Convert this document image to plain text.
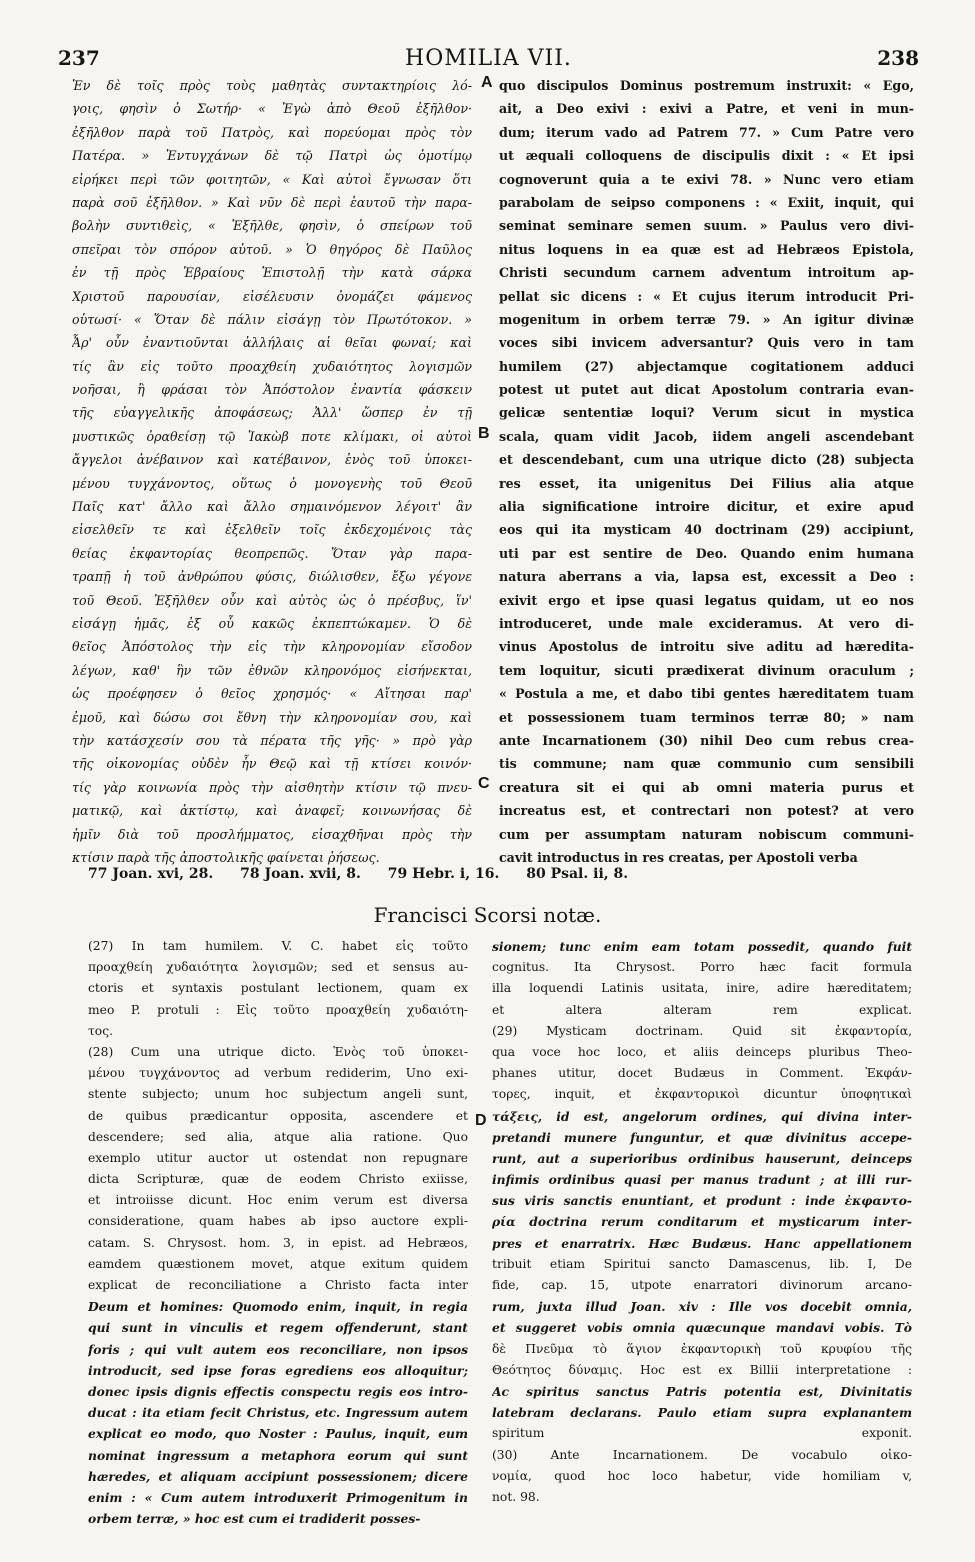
237	HOMILIA VII.	238
Ἐν δὲ τοῖς πρὸς τοὺς μαθητὰς συντακτηρίοις λό-
γοις, φησὶν ὁ Σωτήρ· « Ἐγὼ ἀπὸ Θεοῦ ἐξῆλθον·
ἐξῆλθον παρὰ τοῦ Πατρὸς, καὶ πορεύομαι πρὸς τὸν
Πατέρα. » Ἐντυγχάνων δὲ τῷ Πατρὶ ὡς ὁμοτίμῳ
εἰρήκει περὶ τῶν φοιτητῶν, « Καὶ αὐτοὶ ἔγνωσαν ὅτι
παρὰ σοῦ ἐξῆλθον. » Καὶ νῦν δὲ περὶ ἑαυτοῦ τὴν παρα-
βολὴν συντιθεὶς, « Ἐξῆλθε, φησὶν, ὁ σπείρων τοῦ
σπεῖραι τὸν σπόρον αὐτοῦ. » Ὁ θηγόρος δὲ Παῦλος
ἐν τῇ πρὸς Ἑβραίους Ἐπιστολῇ τὴν κατὰ σάρκα
Χριστοῦ παρουσίαν, εἰσέλευσιν ὀνομάζει φάμενος
οὑτωσί· « Ὅταν δὲ πάλιν εἰσάγῃ τὸν Πρωτότοκον. »
Ἆρ' οὖν ἐναντιοῦνται ἀλλήλαις αἱ θεῖαι φωναί; καὶ
τίς ἂν εἰς τοῦτο προαχθείη χυδαιότητος λογισμῶν
νοῆσαι, ἢ φράσαι τὸν Ἀπόστολον ἐναντία φάσκειν
τῆς εὐαγγελικῆς ἀποφάσεως; Ἀλλ' ὥσπερ ἐν τῇ
μυστικῶς ὁραθείσῃ τῷ Ἰακὼβ ποτε κλίμακι, οἱ αὐτοὶ
ἄγγελοι ἀνέβαινον καὶ κατέβαινον, ἑνὸς τοῦ ὑποκει-
μένου τυγχάνοντος, οὕτως ὁ μονογενὴς τοῦ Θεοῦ
Παῖς κατ' ἄλλο καὶ ἄλλο σημαινόμενον λέγοιτ' ἂν
εἰσελθεῖν τε καὶ ἐξελθεῖν τοῖς ἐκδεχομένοις τὰς
θείας ἐκφαντορίας θεοπρεπῶς. Ὅταν γὰρ παρα-
τραπῇ ἡ τοῦ ἀνθρώπου φύσις, διώλισθεν, ἔξω γέγονε
τοῦ Θεοῦ. Ἐξῆλθεν οὖν καὶ αὐτὸς ὡς ὁ πρέσβυς, ἵν'
εἰσάγῃ ἡμᾶς, ἐξ οὗ κακῶς ἐκπεπτώκαμεν. Ὁ δὲ
θεῖος Ἀπόστολος τὴν εἰς τὴν κληρονομίαν εἴσοδον
λέγων, καθ' ἣν τῶν ἐθνῶν κληρονόμος εἰσήνεκται,
ὡς προέφησεν ὁ θεῖος χρησμός· « Αἴτησαι παρ'
ἐμοῦ, καὶ δώσω σοι ἔθνη τὴν κληρονομίαν σου, καὶ
τὴν κατάσχεσίν σου τὰ πέρατα τῆς γῆς· » πρὸ γὰρ
τῆς οἰκονομίας οὐδὲν ἦν Θεῷ καὶ τῇ κτίσει κοινόν·
τίς γὰρ κοινωνία πρὸς τὴν αἰσθητὴν κτίσιν τῷ πνευ-
ματικῷ, καὶ ἀκτίστῳ, καὶ ἀναφεῖ; κοινωνήσας δὲ
ἡμῖν διὰ τοῦ προσλήμματος, εἰσαχθῆναι πρὸς τὴν
κτίσιν παρὰ τῆς ἀποστολικῆς φαίνεται ῥήσεως.
quo discipulos Dominus postremum instruxit: « Ego,
ait, a Deo exivi : exivi a Patre, et veni in mun-
dum; iterum vado ad Patrem 77. » Cum Patre vero
ut æquali colloquens de discipulis dixit : « Et ipsi
cognoverunt quia a te exivi 78. » Nunc vero etiam
parabolam de seipso componens : « Exiit, inquit, qui
seminat seminare semen suum. » Paulus vero divi-
nitus loquens in ea quæ est ad Hebræos Epistola,
Christi secundum carnem adventum introitum ap-
pellat sic dicens : « Et cujus iterum introducit Pri-
mogenitum in orbem terræ 79. » An igitur divinæ
voces sibi invicem adversantur? Quis vero in tam
humilem (27) abjectamque cogitationem adduci
potest ut putet aut dicat Apostolum contraria evan-
gelicæ sententiæ loqui? Verum sicut in mystica
scala, quam vidit Jacob, iidem angeli ascendebant
et descendebant, cum una utrique dicto (28) subjecta
res esset, ita unigenitus Dei Filius alia atque
alia significatione introire dicitur, et exire apud
eos qui ita mysticam 40 doctrinam (29) accipiunt,
uti par est sentire de Deo. Quando enim humana
natura aberrans a via, lapsa est, excessit a Deo :
exivit ergo et ipse quasi legatus quidam, ut eo nos
introduceret, unde male excideramus. At vero di-
vinus Apostolus de introitu sive aditu ad hæredita-
tem loquitur, sicuti prædixerat divinum oraculum ;
« Postula a me, et dabo tibi gentes hæreditatem tuam
et possessionem tuam terminos terræ 80; » nam
ante Incarnationem (30) nihil Deo cum rebus crea-
tis commune; nam quæ communio cum sensibili
creatura sit ei qui ab omni materia purus et
increatus est, et contrectari non potest? at vero
cum per assumptam naturam nobiscum communi-
cavit introductus in res creatas, per Apostoli verba
A
B
C
D
77 Joan. xvi, 28. 78 Joan. xvii, 8. 79 Hebr. i, 16. 80 Psal. ii, 8.
Francisci Scorsi notæ.
(27) In tam humilem. V. C. habet εἰς τοῦτο
προαχθείη χυδαιότητα λογισμῶν; sed et sensus au-
ctoris et syntaxis postulant lectionem, quam ex
meo P. protuli : Εἰς τοῦτο προαχθείη χυδαιότη-
τος.
(28) Cum una utrique dicto. Ἑνὸς τοῦ ὑποκει-
μένου τυγχάνοντος ad verbum rediderim, Uno exi-
stente subjecto; unum hoc subjectum angeli sunt,
de quibus prædicantur opposita, ascendere et
descendere; sed alia, atque alia ratione. Quo
exemplo utitur auctor ut ostendat non repugnare
dicta Scripturæ, quæ de eodem Christo exiisse,
et introiisse dicunt. Hoc enim verum est diversa
consideratione, quam habes ab ipso auctore expli-
catam. S. Chrysost. hom. 3, in epist. ad Hebræos,
eamdem quæstionem movet, atque exitum quidem
explicat de reconciliatione a Christo facta inter
Deum et homines: Quomodo enim, inquit, in regia
qui sunt in vinculis et regem offenderunt, stant
foris ; qui vult autem eos reconciliare, non ipsos
introducit, sed ipse foras egrediens eos alloquitur;
donec ipsis dignis effectis conspectu regis eos intro-
ducat : ita etiam fecit Christus, etc. Ingressum autem
explicat eo modo, quo Noster : Paulus, inquit, eum
nominat ingressum a metaphora eorum qui sunt
hæredes, et aliquam accipiunt possessionem; dicere
enim : « Cum autem introduxerit Primogenitum in
orbem terræ, » hoc est cum ei tradiderit posses-
sionem; tunc enim eam totam possedit, quando fuit
cognitus. Ita Chrysost. Porro hæc facit formula
illa loquendi Latinis usitata, inire, adire hæreditatem;
et altera alteram rem explicat.
(29) Mysticam doctrinam. Quid sit ἐκφαντορία,
qua voce hoc loco, et aliis deinceps pluribus Theo-
phanes utitur, docet Budæus in Comment. Ἐκφάν-
τορες, inquit, et ἐκφαντορικοὶ dicuntur ὑποφητικαὶ
τάξεις, id est, angelorum ordines, qui divina inter-
pretandi munere funguntur, et quæ divinitus accepe-
runt, aut a superioribus ordinibus hauserunt, deinceps
infimis ordinibus quasi per manus tradunt ; at illi rur-
sus viris sanctis enuntiant, et produnt : inde ἐκφαντο-
ρία doctrina rerum conditarum et mysticarum inter-
pres et enarratrix. Hæc Budæus. Hanc appellationem
tribuit etiam Spiritui sancto Damascenus, lib. I, De
fide, cap. 15, utpote enarratori divinorum arcano-
rum, juxta illud Joan. xiv : Ille vos docebit omnia,
et suggeret vobis omnia quæcunque mandavi vobis. Τὸ
δὲ Πνεῦμα τὸ ἅγιον ἐκφαντορικὴ τοῦ κρυφίου τῆς
Θεότητος δύναμις. Hoc est ex Billii interpretatione :
Ac spiritus sanctus Patris potentia est, Divinitatis
latebram declarans. Paulo etiam supra explanantem
spiritum exponit.
(30) Ante Incarnationem. De vocabulo οἰκο-
νομία, quod hoc loco habetur, vide homiliam v,
not. 98.
